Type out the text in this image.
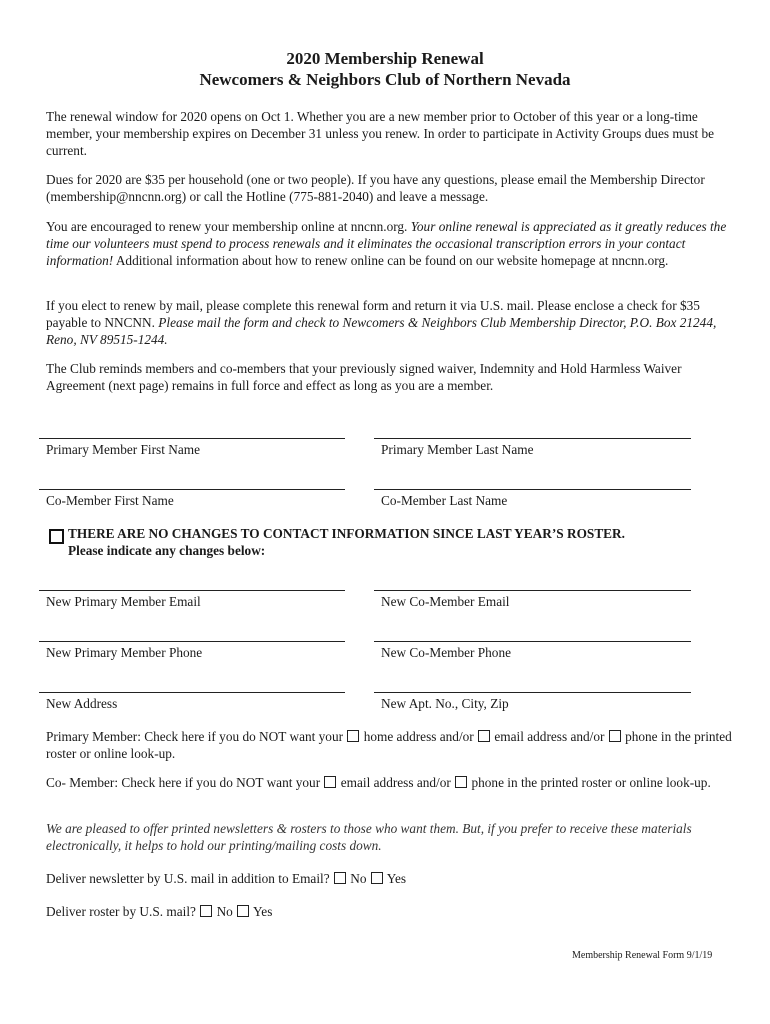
2020 Membership Renewal
Newcomers & Neighbors Club of Northern Nevada

The renewal window for 2020 opens on Oct 1. Whether you are a new member prior to October of this year or a long-time member, your membership expires on December 31 unless you renew. In order to participate in Activity Groups dues must be current.

Dues for 2020 are $35 per household (one or two people). If you have any questions, please email the Membership Director (membership@nncnn.org) or call the Hotline (775-881-2040) and leave a message.

You are encouraged to renew your membership online at nncnn.org. Your online renewal is appreciated as it greatly reduces the time our volunteers must spend to process renewals and it eliminates the occasional transcription errors in your contact information! Additional information about how to renew online can be found on our website homepage at nncnn.org.

If you elect to renew by mail, please complete this renewal form and return it via U.S. mail. Please enclose a check for $35 payable to NNCNN. Please mail the form and check to Newcomers & Neighbors Club Membership Director, P.O. Box 21244, Reno, NV 89515-1244.

The Club reminds members and co-members that your previously signed waiver, Indemnity and Hold Harmless Waiver Agreement (next page) remains in full force and effect as long as you are a member.

Primary Member First Name	Primary Member Last Name
Co-Member First Name	Co-Member Last Name
THERE ARE NO CHANGES TO CONTACT INFORMATION SINCE LAST YEAR’S ROSTER.
Please indicate any changes below:
New Primary Member Email	New Co-Member Email
New Primary Member Phone	New Co-Member Phone
New Address	New Apt. No., City, Zip

Primary Member: Check here if you do NOT want your home address and/or email address and/or phone in the printed roster or online look-up.

Co- Member: Check here if you do NOT want your email address and/or phone in the printed roster or online look-up.

We are pleased to offer printed newsletters & rosters to those who want them. But, if you prefer to receive these materials electronically, it helps to hold our printing/mailing costs down.

Deliver newsletter by U.S. mail in addition to Email? No Yes

Deliver roster by U.S. mail? No Yes

Membership Renewal Form 9/1/19
